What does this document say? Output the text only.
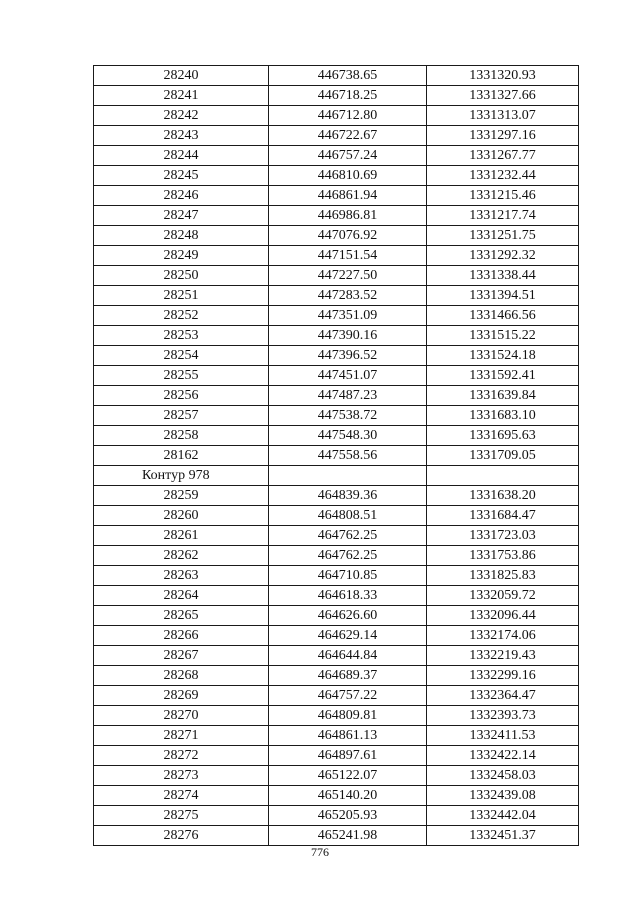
28240	446738.65	1331320.93
28241	446718.25	1331327.66
28242	446712.80	1331313.07
28243	446722.67	1331297.16
28244	446757.24	1331267.77
28245	446810.69	1331232.44
28246	446861.94	1331215.46
28247	446986.81	1331217.74
28248	447076.92	1331251.75
28249	447151.54	1331292.32
28250	447227.50	1331338.44
28251	447283.52	1331394.51
28252	447351.09	1331466.56
28253	447390.16	1331515.22
28254	447396.52	1331524.18
28255	447451.07	1331592.41
28256	447487.23	1331639.84
28257	447538.72	1331683.10
28258	447548.30	1331695.63
28162	447558.56	1331709.05
Контур 978		
28259	464839.36	1331638.20
28260	464808.51	1331684.47
28261	464762.25	1331723.03
28262	464762.25	1331753.86
28263	464710.85	1331825.83
28264	464618.33	1332059.72
28265	464626.60	1332096.44
28266	464629.14	1332174.06
28267	464644.84	1332219.43
28268	464689.37	1332299.16
28269	464757.22	1332364.47
28270	464809.81	1332393.73
28271	464861.13	1332411.53
28272	464897.61	1332422.14
28273	465122.07	1332458.03
28274	465140.20	1332439.08
28275	465205.93	1332442.04
28276	465241.98	1332451.37
776
